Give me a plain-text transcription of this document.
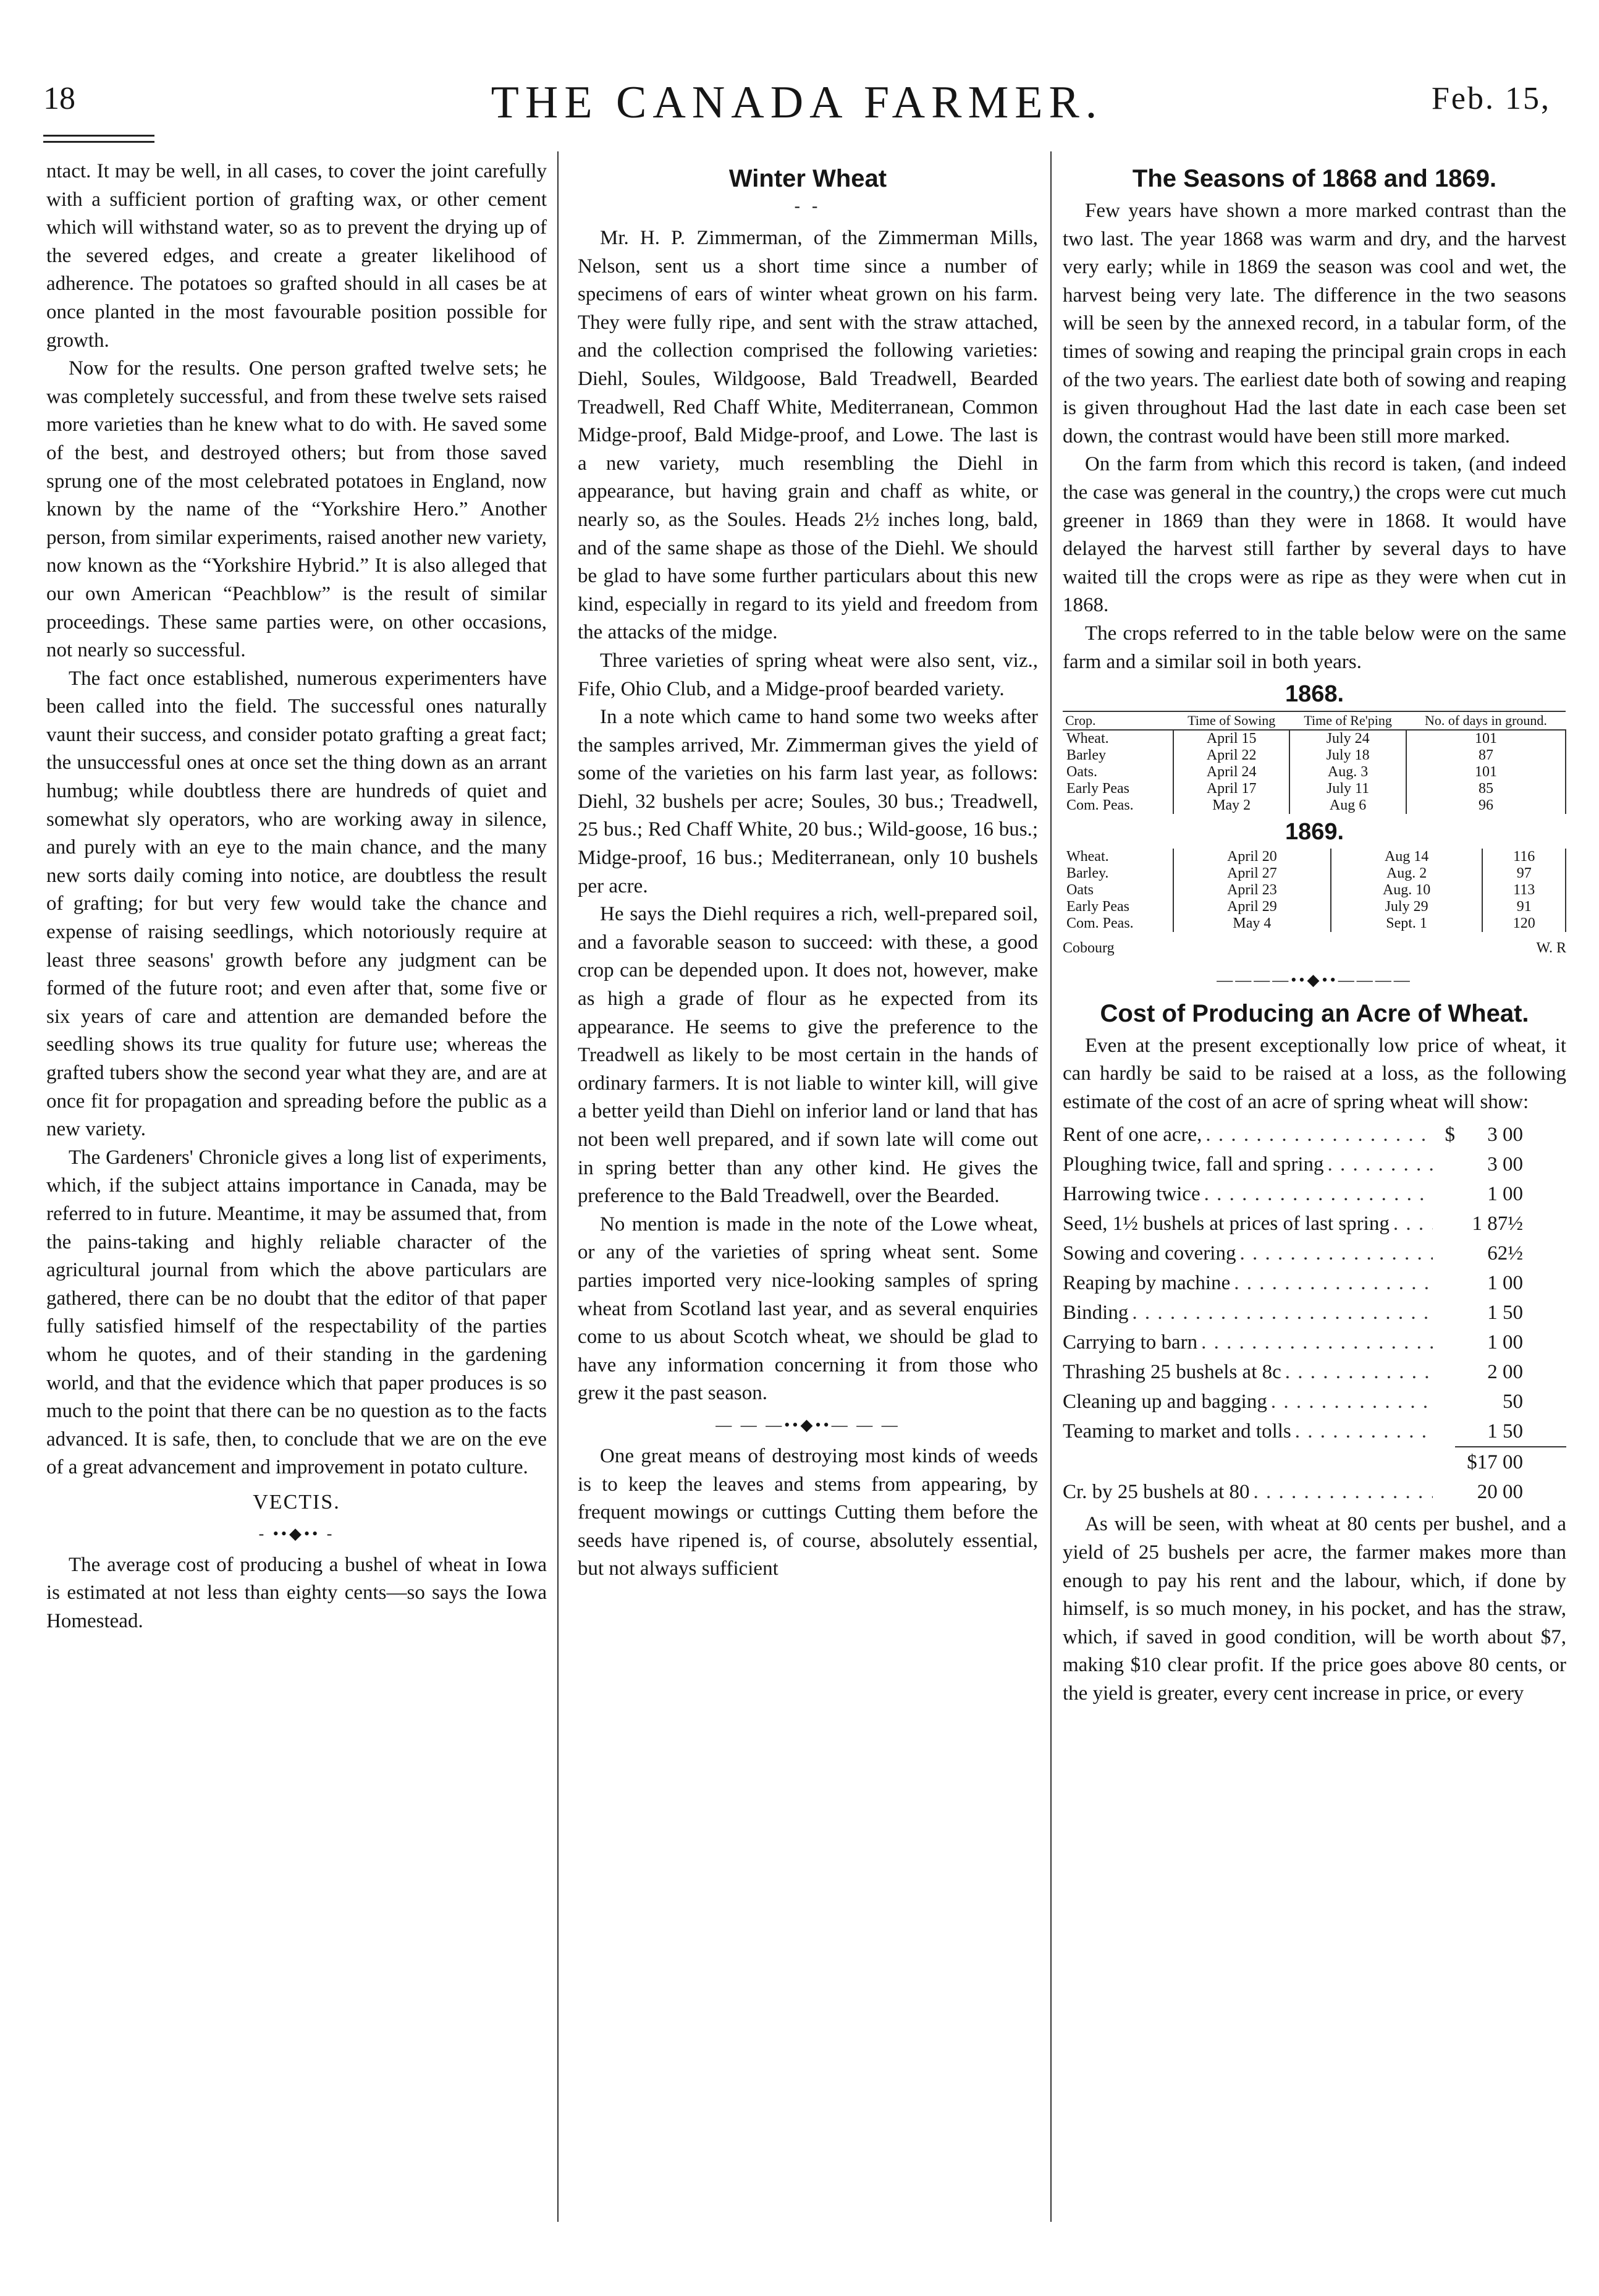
18	THE CANADA FARMER.	Feb. 15,

ntact. It may be well, in all cases, to cover the joint carefully with a sufficient portion of grafting wax, or other cement which will withstand water, so as to prevent the drying up of the severed edges, and create a greater likelihood of adherence. The potatoes so grafted should in all cases be at once planted in the most favourable position possible for growth.

Now for the results. One person grafted twelve sets; he was completely successful, and from these twelve sets raised more varieties than he knew what to do with. He saved some of the best, and destroyed others; but from those saved sprung one of the most celebrated potatoes in England, now known by the name of the “Yorkshire Hero.” Another person, from similar experiments, raised another new variety, now known as the “Yorkshire Hybrid.” It is also alleged that our own American “Peachblow” is the result of similar proceedings. These same parties were, on other occasions, not nearly so successful.

The fact once established, numerous experimenters have been called into the field. The successful ones naturally vaunt their success, and consider potato grafting a great fact; the unsuccessful ones at once set the thing down as an arrant humbug; while doubtless there are hundreds of quiet and somewhat sly operators, who are working away in silence, and purely with an eye to the main chance, and the many new sorts daily coming into notice, are doubtless the result of grafting; for but very few would take the chance and expense of raising seedlings, which notoriously require at least three seasons' growth before any judgment can be formed of the future root; and even after that, some five or six years of care and attention are demanded before the seedling shows its true quality for future use; whereas the grafted tubers show the second year what they are, and are at once fit for propagation and spreading before the public as a new variety.

The Gardeners' Chronicle gives a long list of experiments, which, if the subject attains importance in Canada, may be referred to in future. Meantime, it may be assumed that, from the pains-taking and highly reliable character of the agricultural journal from which the above particulars are gathered, there can be no doubt that the editor of that paper fully satisfied himself of the respectability of the parties whom he quotes, and of their standing in the gardening world, and that the evidence which that paper produces is so much to the point that there can be no question as to the facts advanced. It is safe, then, to conclude that we are on the eve of a great advancement and improvement in potato culture.

VECTIS.
- ••◆•• -

The average cost of producing a bushel of wheat in Iowa is estimated at not less than eighty cents—so says the Iowa Homestead.

Winter Wheat
- -

Mr. H. P. Zimmerman, of the Zimmerman Mills, Nelson, sent us a short time since a number of specimens of ears of winter wheat grown on his farm. They were fully ripe, and sent with the straw attached, and the collection comprised the following varieties: Diehl, Soules, Wildgoose, Bald Treadwell, Bearded Treadwell, Red Chaff White, Mediterranean, Common Midge-proof, Bald Midge-proof, and Lowe. The last is a new variety, much resembling the Diehl in appearance, but having grain and chaff as white, or nearly so, as the Soules. Heads 2½ inches long, bald, and of the same shape as those of the Diehl. We should be glad to have some further particulars about this new kind, especially in regard to its yield and freedom from the attacks of the midge.

Three varieties of spring wheat were also sent, viz., Fife, Ohio Club, and a Midge-proof bearded variety.

In a note which came to hand some two weeks after the samples arrived, Mr. Zimmerman gives the yield of some of the varieties on his farm last year, as follows: Diehl, 32 bushels per acre; Soules, 30 bus.; Treadwell, 25 bus.; Red Chaff White, 20 bus.; Wild-goose, 16 bus.; Midge-proof, 16 bus.; Mediterranean, only 10 bushels per acre.

He says the Diehl requires a rich, well-prepared soil, and a favorable season to succeed: with these, a good crop can be depended upon. It does not, however, make as high a grade of flour as he expected from its appearance. He seems to give the preference to the Treadwell as likely to be most certain in the hands of ordinary farmers. It is not liable to winter kill, will give a better yeild than Diehl on inferior land or land that has not been well prepared, and if sown late will come out in spring better than any other kind. He gives the preference to the Bald Treadwell, over the Bearded.

No mention is made in the note of the Lowe wheat, or any of the varieties of spring wheat sent. Some parties imported very nice-looking samples of spring wheat from Scotland last year, and as several enquiries come to us about Scotch wheat, we should be glad to have any information concerning it from those who grew it the past season.

— — —••◆••— — —

One great means of destroying most kinds of weeds is to keep the leaves and stems from appearing, by frequent mowings or cuttings Cutting them before the seeds have ripened is, of course, absolutely essential, but not always sufficient

The Seasons of 1868 and 1869.

Few years have shown a more marked contrast than the two last. The year 1868 was warm and dry, and the harvest very early; while in 1869 the season was cool and wet, the harvest being very late. The difference in the two seasons will be seen by the annexed record, in a tabular form, of the times of sowing and reaping the principal grain crops in each of the two years. The earliest date both of sowing and reaping is given throughout Had the last date in each case been set down, the contrast would have been still more marked.

On the farm from which this record is taken, (and indeed the case was general in the country,) the crops were cut much greener in 1869 than they were in 1868. It would have delayed the harvest still farther by several days to have waited till the crops were as ripe as they were when cut in 1868.

The crops referred to in the table below were on the same farm and a similar soil in both years.

1868.
Crop.	Time of Sowing	Time of Re'ping	No. of days in ground.
Wheat.	April 15	July 24	101
Barley	April 22	July 18	87
Oats.	April 24	Aug. 3	101
Early Peas	April 17	July 11	85
Com. Peas.	May 2	Aug 6	96
1869.
Wheat.	April 20	Aug 14	116
Barley.	April 27	Aug. 2	97
Oats	April 23	Aug. 10	113
Early Peas	April 29	July 29	91
Com. Peas.	May 4	Sept. 1	120
Cobourg	W. R
————••◆••————
Cost of Producing an Acre of Wheat.

Even at the present exceptionally low price of wheat, it can hardly be said to be raised at a loss, as the following estimate of the cost of an acre of spring wheat will show:

Rent of one acre, . . .	$	3 00
Ploughing twice, fall and spring . . .	3 00
Harrowing twice . . .	1 00
Seed, 1½ bushels at prices of last spring . . .	1 87½
Sowing and covering . . .	62½
Reaping by machine . . .	1 00
Binding . . .	1 50
Carrying to barn . . .	1 00
Thrashing 25 bushels at 8c . . .	2 00
Cleaning up and bagging . . .	50
Teaming to market and tolls . . .	1 50
$17 00
Cr. by 25 bushels at 80 . . .	20 00

As will be seen, with wheat at 80 cents per bushel, and a yield of 25 bushels per acre, the farmer makes more than enough to pay his rent and the labour, which, if done by himself, is so much money, in his pocket, and has the straw, which, if saved in good condition, will be worth about $7, making $10 clear profit. If the price goes above 80 cents, or the yield is greater, every cent increase in price, or every
